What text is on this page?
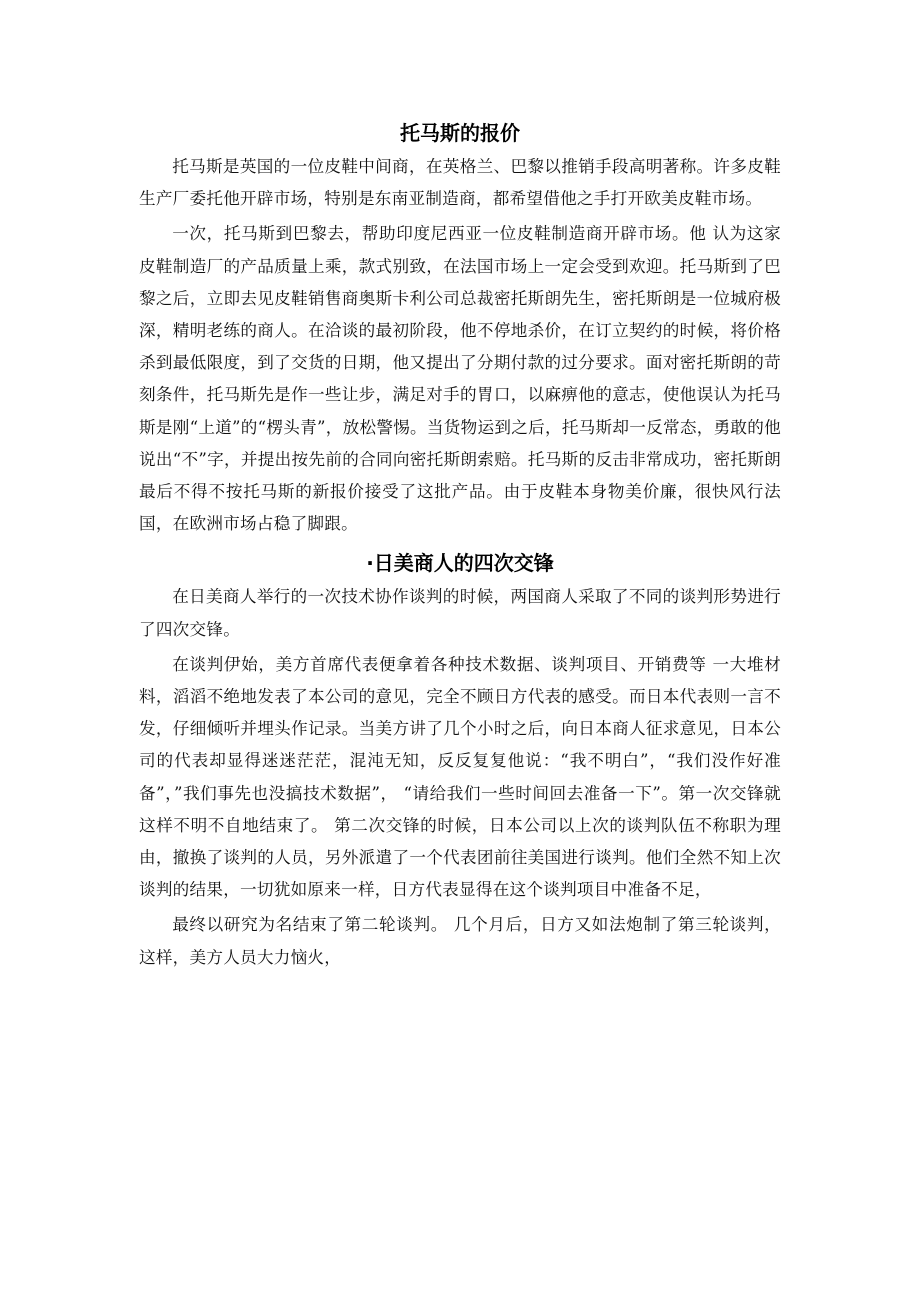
托马斯的报价

托马斯是英国的一位皮鞋中间商，在英格兰、巴黎以推销手段高明著称。许多皮鞋生产厂委托他开辟市场，特别是东南亚制造商，都希望借他之手打开欧美皮鞋市场。

一次，托马斯到巴黎去，帮助印度尼西亚一位皮鞋制造商开辟市场。他 认为这家皮鞋制造厂的产品质量上乘，款式别致，在法国市场上一定会受到欢迎。托马斯到了巴黎之后，立即去见皮鞋销售商奥斯卡利公司总裁密托斯朗先生，密托斯朗是一位城府极深，精明老练的商人。在洽谈的最初阶段，他不停地杀价，在订立契约的时候，将价格杀到最低限度，到了交货的日期，他又提出了分期付款的过分要求。面对密托斯朗的苛刻条件，托马斯先是作一些让步，满足对手的胃口，以麻痹他的意志，使他误认为托马斯是刚“上道”的“楞头青”，放松警惕。当货物运到之后，托马斯却一反常态，勇敢的他说出“不”字，并提出按先前的合同向密托斯朗索赔。托马斯的反击非常成功，密托斯朗最后不得不按托马斯的新报价接受了这批产品。由于皮鞋本身物美价廉，很快风行法国，在欧洲市场占稳了脚跟。

·日美商人的四次交锋

在日美商人举行的一次技术协作谈判的时候，两国商人采取了不同的谈判形势进行了四次交锋。

在谈判伊始，美方首席代表便拿着各种技术数据、谈判项目、开销费等 一大堆材料，滔滔不绝地发表了本公司的意见，完全不顾日方代表的感受。而日本代表则一言不发，仔细倾听并埋头作记录。当美方讲了几个小时之后，向日本商人征求意见，日本公司的代表却显得迷迷茫茫，混沌无知，反反复复他说：“我不明白”，“我们没作好准备”，”我们事先也没搞技术数据”， “请给我们一些时间回去准备一下”。第一次交锋就这样不明不自地结束了。 第二次交锋的时候，日本公司以上次的谈判队伍不称职为理由，撤换了谈判的人员，另外派遣了一个代表团前往美国进行谈判。他们全然不知上次谈判的结果，一切犹如原来一样，日方代表显得在这个谈判项目中准备不足，

最终以研究为名结束了第二轮谈判。 几个月后，日方又如法炮制了第三轮谈判，这样，美方人员大力恼火，
